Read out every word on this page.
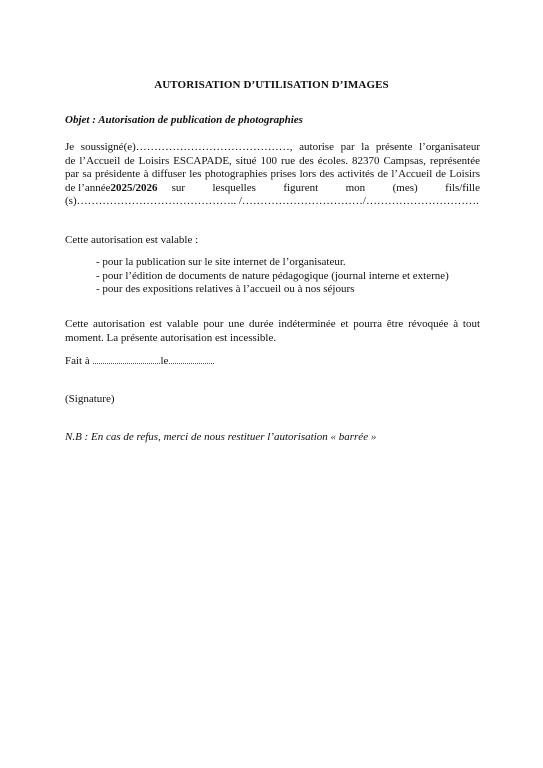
AUTORISATION D’UTILISATION D’IMAGES
Objet : Autorisation de publication de photographies
Je soussigné(e)……………………………………, autorise par la présente l’organisateur
de l’Accueil de Loisirs ESCAPADE, situé 100 rue des écoles. 82370 Campsas, représentée
par sa présidente à diffuser les photographies prises lors des activités de l’Accueil de Loisirs
de l’année 2025/2026 sur lesquelles figurent mon (mes) fils/fille
(s)…………………………………….. /……………………………/………………………….
Cette autorisation est valable :
- pour la publication sur le site internet de l’organisateur.
- pour l’édition de documents de nature pédagogique (journal interne et externe)
- pour des expositions relatives à l’accueil ou à nos séjours
Cette autorisation est valable pour une durée indéterminée et pourra être révoquée à tout
moment. La présente autorisation est incessible.
Fait à ..................................le.......................
(Signature)
N.B : En cas de refus, merci de nous restituer l’autorisation « barrée »
